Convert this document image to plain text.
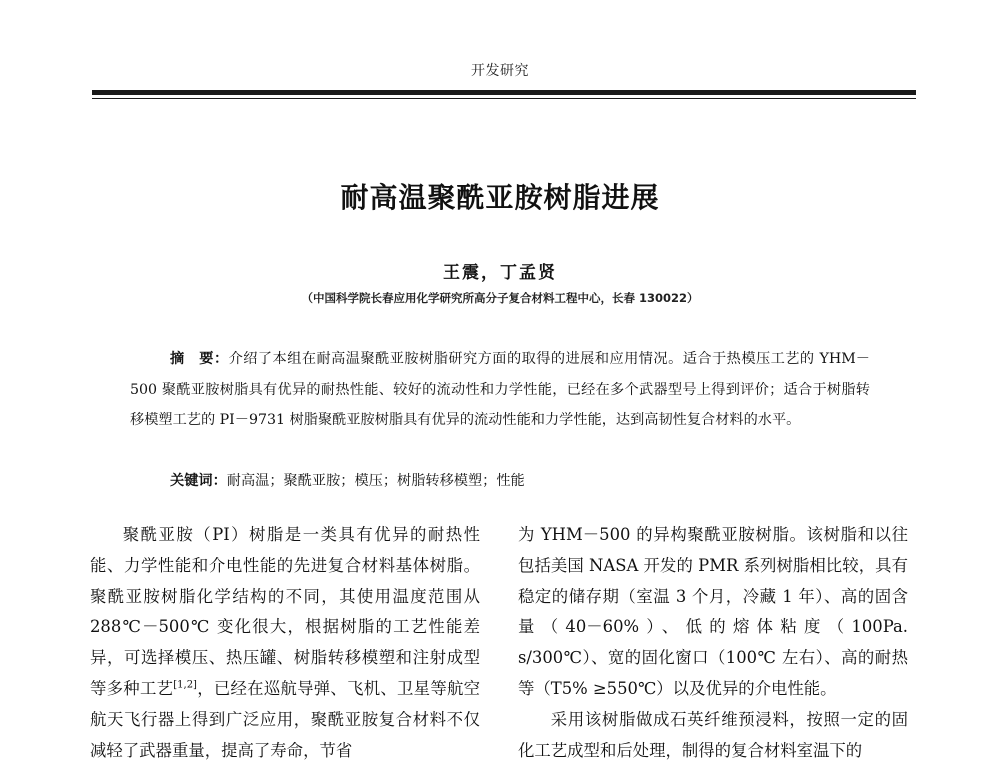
开发研究
耐高温聚酰亚胺树脂进展
王震，丁孟贤
（中国科学院长春应用化学研究所高分子复合材料工程中心，长春 130022）
摘　要：介绍了本组在耐高温聚酰亚胺树脂研究方面的取得的进展和应用情况。适合于热模压工艺的 YHM－500 聚酰亚胺树脂具有优异的耐热性能、较好的流动性和力学性能，已经在多个武器型号上得到评价；适合于树脂转移模塑工艺的 PI－9731 树脂聚酰亚胺树脂具有优异的流动性能和力学性能，达到高韧性复合材料的水平。
关键词：耐高温；聚酰亚胺；模压；树脂转移模塑；性能

聚酰亚胺（PI）树脂是一类具有优异的耐热性能、力学性能和介电性能的先进复合材料基体树脂。聚酰亚胺树脂化学结构的不同，其使用温度范围从 288℃－500℃ 变化很大，根据树脂的工艺性能差异，可选择模压、热压罐、树脂转移模塑和注射成型等多种工艺[1,2]，已经在巡航导弹、飞机、卫星等航空航天飞行器上得到广泛应用，聚酰亚胺复合材料不仅减轻了武器重量，提高了寿命，节省

为 YHM－500 的异构聚酰亚胺树脂。该树脂和以往包括美国 NASA 开发的 PMR 系列树脂相比较，具有稳定的储存期（室温 3 个月，冷藏 1 年）、高的固含量（40－60%）、低的熔体粘度（100Pa. s/300℃）、宽的固化窗口（100℃ 左右）、高的耐热等（T5% ≥550℃）以及优异的介电性能。

采用该树脂做成石英纤维预浸料，按照一定的固化工艺成型和后处理，制得的复合材料室温下的
